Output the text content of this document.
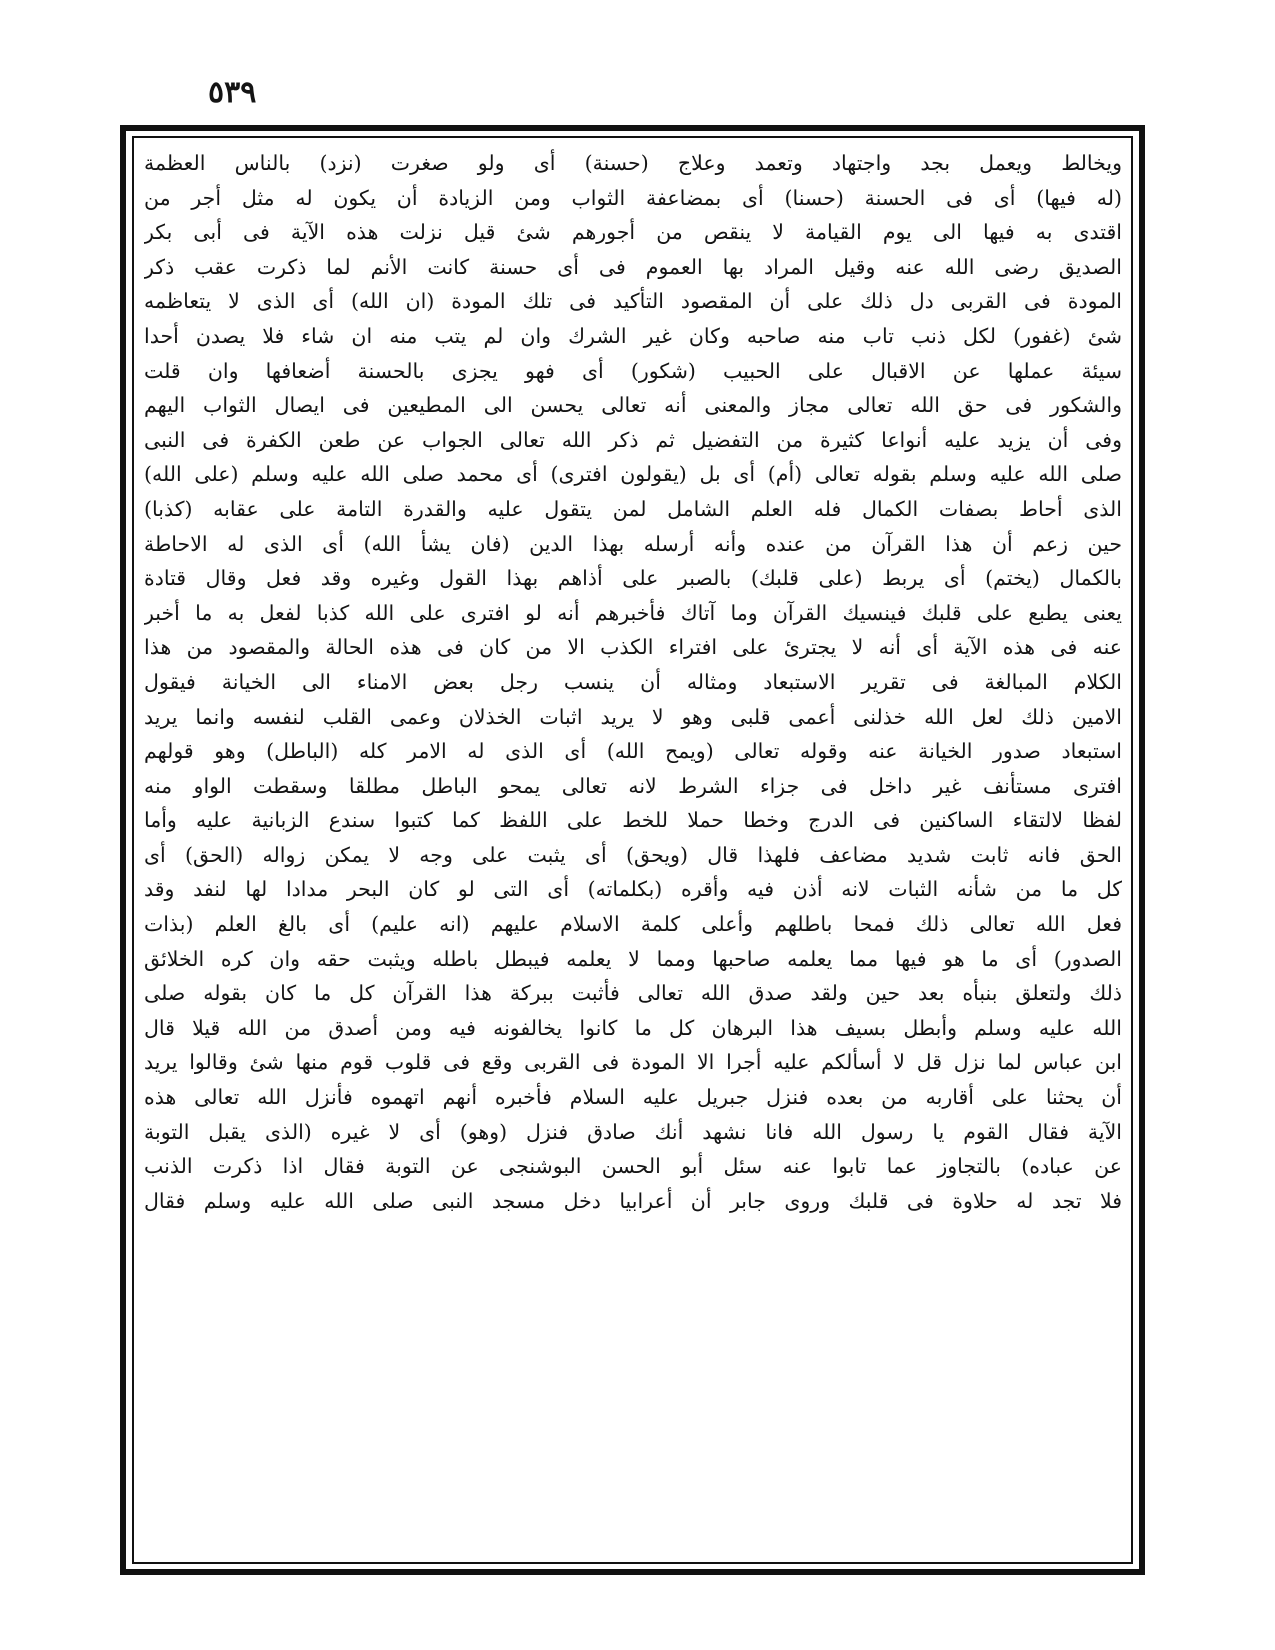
٥٣٩
ويخالط ويعمل بجد واجتهاد وتعمد وعلاج (حسنة) أى ولو صغرت (نزد) بالناس العظمة
(له فيها) أى فى الحسنة (حسنا) أى بمضاعفة الثواب ومن الزيادة أن يكون له مثل أجر من
اقتدى به فيها الى يوم القيامة لا ينقص من أجورهم شئ قيل نزلت هذه الآية فى أبى بكر
الصديق رضى الله عنه وقيل المراد بها العموم فى أى حسنة كانت الأنم لما ذكرت عقب ذكر
المودة فى القربى دل ذلك على أن المقصود التأكيد فى تلك المودة (ان الله) أى الذى لا يتعاظمه
شئ (غفور) لكل ذنب تاب منه صاحبه وكان غير الشرك وان لم يتب منه ان شاء فلا يصدن أحدا
سيئة عملها عن الاقبال على الحبيب (شكور) أى فهو يجزى بالحسنة أضعافها وان قلت
والشكور فى حق الله تعالى مجاز والمعنى أنه تعالى يحسن الى المطيعين فى ايصال الثواب اليهم
وفى أن يزيد عليه أنواعا كثيرة من التفضيل ثم ذكر الله تعالى الجواب عن طعن الكفرة فى النبى
صلى الله عليه وسلم بقوله تعالى (أم) أى بل (يقولون افترى) أى محمد صلى الله عليه وسلم (على الله)
الذى أحاط بصفات الكمال فله العلم الشامل لمن يتقول عليه والقدرة التامة على عقابه (كذبا)
حين زعم أن هذا القرآن من عنده وأنه أرسله بهذا الدين (فان يشأ الله) أى الذى له الاحاطة
بالكمال (يختم) أى يربط (على قلبك) بالصبر على أذاهم بهذا القول وغيره وقد فعل وقال قتادة
يعنى يطبع على قلبك فينسيك القرآن وما آتاك فأخبرهم أنه لو افترى على الله كذبا لفعل به ما أخبر
عنه فى هذه الآية أى أنه لا يجترئ على افتراء الكذب الا من كان فى هذه الحالة والمقصود من هذا
الكلام المبالغة فى تقرير الاستبعاد ومثاله أن ينسب رجل بعض الامناء الى الخيانة فيقول
الامين ذلك لعل الله خذلنى أعمى قلبى وهو لا يريد اثبات الخذلان وعمى القلب لنفسه وانما يريد
استبعاد صدور الخيانة عنه وقوله تعالى (ويمح الله) أى الذى له الامر كله (الباطل) وهو قولهم
افترى مستأنف غير داخل فى جزاء الشرط لانه تعالى يمحو الباطل مطلقا وسقطت الواو منه
لفظا لالتقاء الساكنين فى الدرج وخطا حملا للخط على اللفظ كما كتبوا سندع الزبانية عليه وأما
الحق فانه ثابت شديد مضاعف فلهذا قال (ويحق) أى يثبت على وجه لا يمكن زواله (الحق) أى
كل ما من شأنه الثبات لانه أذن فيه وأقره (بكلماته) أى التى لو كان البحر مدادا لها لنفد وقد
فعل الله تعالى ذلك فمحا باطلهم وأعلى كلمة الاسلام عليهم (انه عليم) أى بالغ العلم (بذات
الصدور) أى ما هو فيها مما يعلمه صاحبها ومما لا يعلمه فيبطل باطله ويثبت حقه وان كره الخلائق
ذلك ولتعلق بنبأه بعد حين ولقد صدق الله تعالى فأثبت ببركة هذا القرآن كل ما كان بقوله صلى
الله عليه وسلم وأبطل بسيف هذا البرهان كل ما كانوا يخالفونه فيه ومن أصدق من الله قيلا قال
ابن عباس لما نزل قل لا أسألكم عليه أجرا الا المودة فى القربى وقع فى قلوب قوم منها شئ وقالوا يريد
أن يحثنا على أقاربه من بعده فنزل جبريل عليه السلام فأخبره أنهم اتهموه فأنزل الله تعالى هذه
الآية فقال القوم يا رسول الله فانا نشهد أنك صادق فنزل (وهو) أى لا غيره (الذى يقبل التوبة
عن عباده) بالتجاوز عما تابوا عنه سئل أبو الحسن البوشنجى عن التوبة فقال اذا ذكرت الذنب
فلا تجد له حلاوة فى قلبك وروى جابر أن أعرابيا دخل مسجد النبى صلى الله عليه وسلم فقال
